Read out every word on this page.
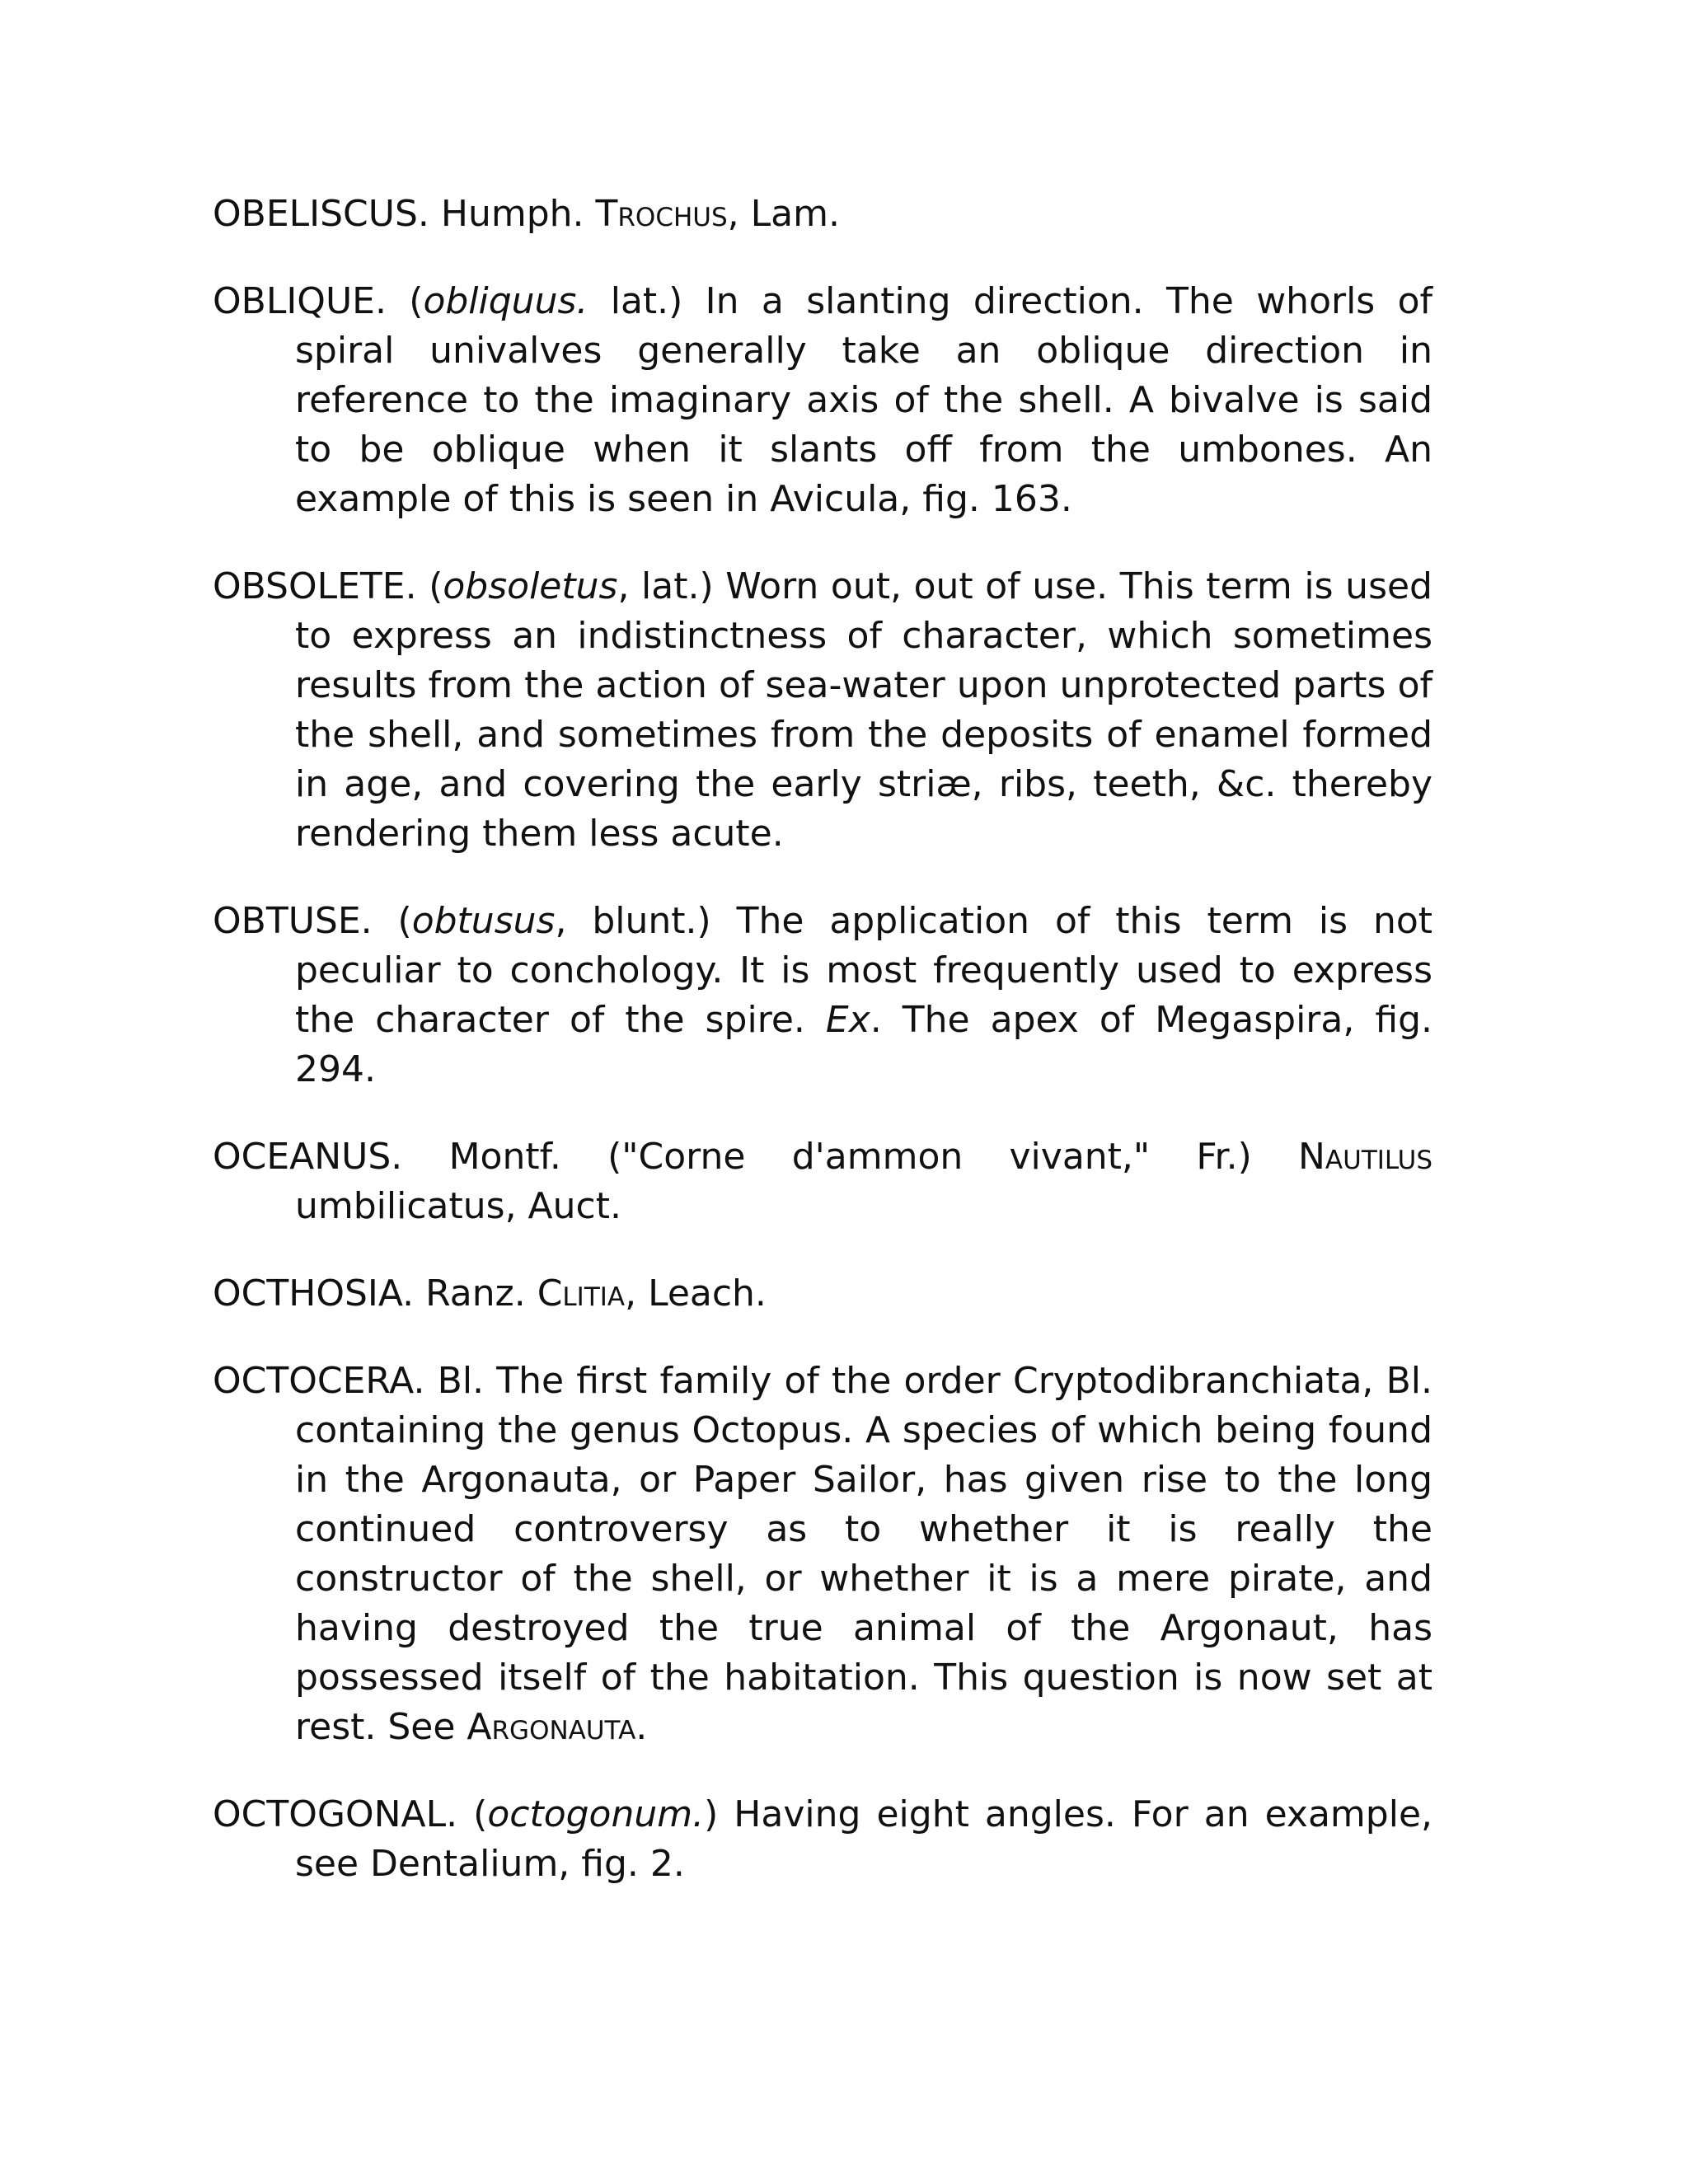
OBELISCUS. Humph. Trochus, Lam.

OBLIQUE. (obliquus. lat.) In a slanting direction. The whorls of spiral univalves generally take an oblique direction in reference to the imaginary axis of the shell. A bivalve is said to be oblique when it slants off from the umbones. An example of this is seen in Avicula, fig. 163.

OBSOLETE. (obsoletus, lat.) Worn out, out of use. This term is used to express an indistinctness of character, which sometimes results from the action of sea-water upon unprotected parts of the shell, and sometimes from the deposits of enamel formed in age, and covering the early striæ, ribs, teeth, &c. thereby rendering them less acute.

OBTUSE. (obtusus, blunt.) The application of this term is not peculiar to conchology. It is most frequently used to express the character of the spire. Ex. The apex of Megaspira, fig. 294.

OCEANUS. Montf. ("Corne d'ammon vivant," Fr.) Nautilus umbilicatus, Auct.

OCTHOSIA. Ranz. Clitia, Leach.

OCTOCERA. Bl. The first family of the order Cryptodibranchiata, Bl. containing the genus Octopus. A species of which being found in the Argonauta, or Paper Sailor, has given rise to the long continued controversy as to whether it is really the constructor of the shell, or whether it is a mere pirate, and having destroyed the true animal of the Argonaut, has possessed itself of the habitation. This question is now set at rest. See Argonauta.

OCTOGONAL. (octogonum.) Having eight angles. For an example, see Dentalium, fig. 2.
